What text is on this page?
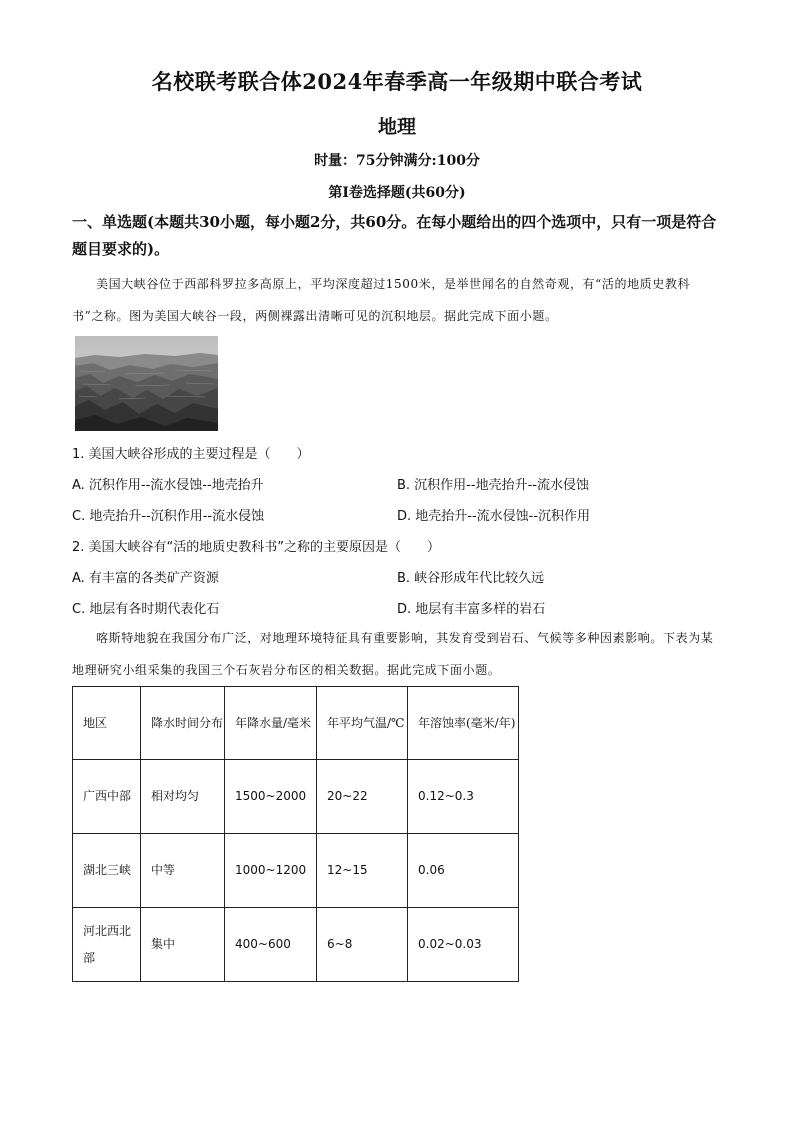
名校联考联合体2024年春季高一年级期中联合考试
地理
时量：75分钟满分:100分
第Ⅰ卷选择题(共60分)
一、单选题(本题共30小题，每小题2分，共60分。在每小题给出的四个选项中，只有一项是符合题目要求的)。
美国大峡谷位于西部科罗拉多高原上，平均深度超过1500米，是举世闻名的自然奇观，有“活的地质史教科书”之称。图为美国大峡谷一段，两侧裸露出清晰可见的沉积地层。据此完成下面小题。
1. 美国大峡谷形成的主要过程是（　　）
A. 沉积作用--流水侵蚀--地壳抬升	B. 沉积作用--地壳抬升--流水侵蚀
C. 地壳抬升--沉积作用--流水侵蚀	D. 地壳抬升--流水侵蚀--沉积作用
2. 美国大峡谷有“活的地质史教科书”之称的主要原因是（　　）
A. 有丰富的各类矿产资源	B. 峡谷形成年代比较久远
C. 地层有各时期代表化石	D. 地层有丰富多样的岩石
喀斯特地貌在我国分布广泛，对地理环境特征具有重要影响，其发育受到岩石、气候等多种因素影响。下表为某地理研究小组采集的我国三个石灰岩分布区的相关数据。据此完成下面小题。
地区	降水时间分布	年降水量/毫米	年平均气温/℃	年溶蚀率(毫米/年)
广西中部	相对均匀	1500~2000	20~22	0.12~0.3
湖北三峡	中等	1000~1200	12~15	0.06
河北西北部	集中	400~600	6~8	0.02~0.03
